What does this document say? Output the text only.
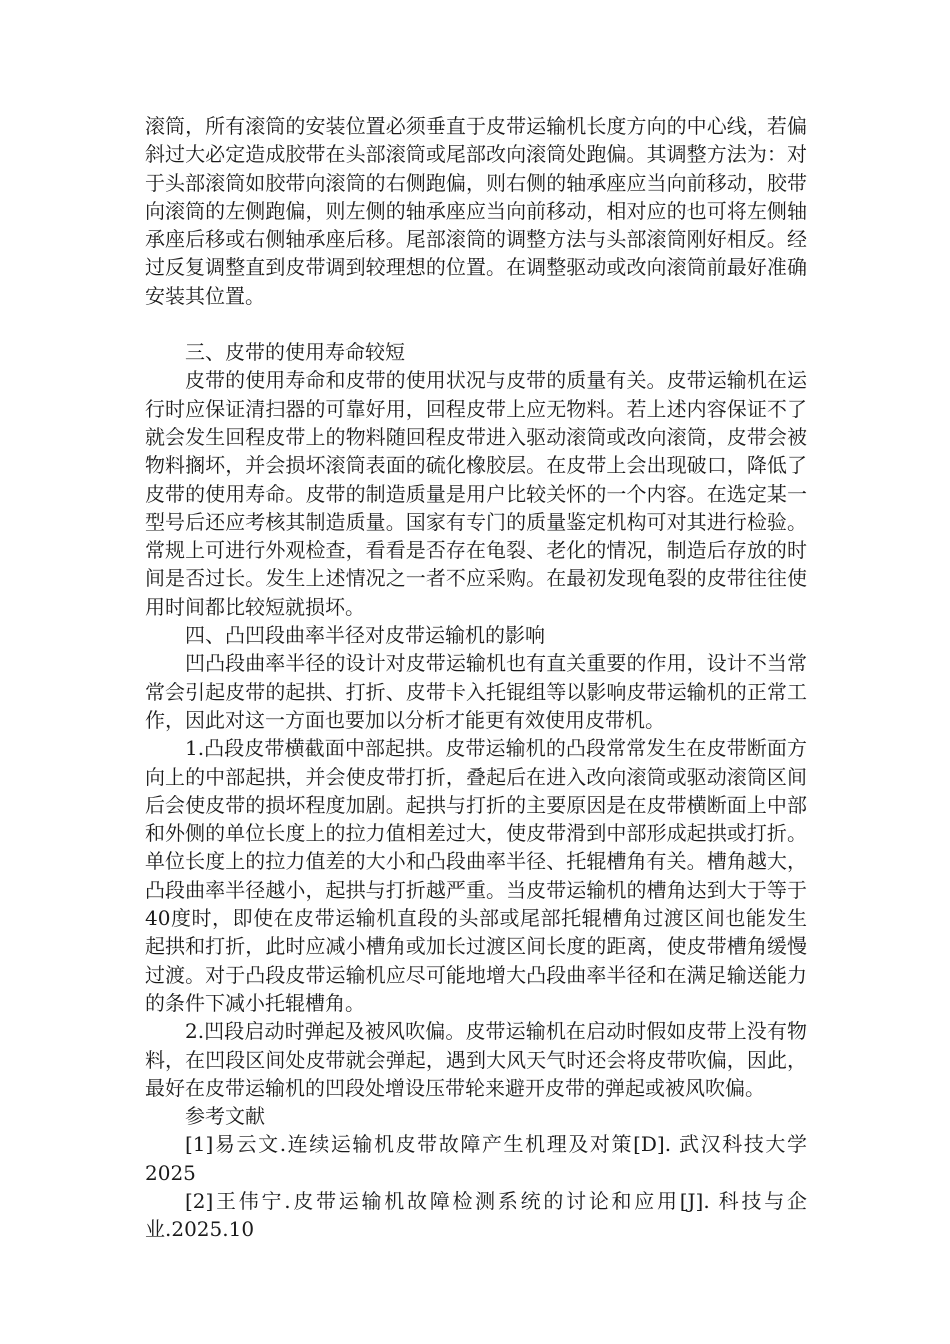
滚筒，所有滚筒的安装位置必须垂直于皮带运输机长度方向的中心线，若偏斜过大必定造成胶带在头部滚筒或尾部改向滚筒处跑偏。其调整方法为：对于头部滚筒如胶带向滚筒的右侧跑偏，则右侧的轴承座应当向前移动，胶带向滚筒的左侧跑偏，则左侧的轴承座应当向前移动，相对应的也可将左侧轴承座后移或右侧轴承座后移。尾部滚筒的调整方法与头部滚筒刚好相反。经过反复调整直到皮带调到较理想的位置。在调整驱动或改向滚筒前最好准确安装其位置。

三、皮带的使用寿命较短

皮带的使用寿命和皮带的使用状况与皮带的质量有关。皮带运输机在运行时应保证清扫器的可靠好用，回程皮带上应无物料。若上述内容保证不了就会发生回程皮带上的物料随回程皮带进入驱动滚筒或改向滚筒，皮带会被物料搁坏，并会损坏滚筒表面的硫化橡胶层。在皮带上会出现破口，降低了皮带的使用寿命。皮带的制造质量是用户比较关怀的一个内容。在选定某一型号后还应考核其制造质量。国家有专门的质量鉴定机构可对其进行检验。常规上可进行外观检查，看看是否存在龟裂、老化的情况，制造后存放的时间是否过长。发生上述情况之一者不应采购。在最初发现龟裂的皮带往往使用时间都比较短就损坏。

四、凸凹段曲率半径对皮带运输机的影响

凹凸段曲率半径的设计对皮带运输机也有直关重要的作用，设计不当常常会引起皮带的起拱、打折、皮带卡入托锟组等以影响皮带运输机的正常工作，因此对这一方面也要加以分析才能更有效使用皮带机。

1.凸段皮带横截面中部起拱。皮带运输机的凸段常常发生在皮带断面方向上的中部起拱，并会使皮带打折，叠起后在进入改向滚筒或驱动滚筒区间后会使皮带的损坏程度加剧。起拱与打折的主要原因是在皮带横断面上中部和外侧的单位长度上的拉力值相差过大，使皮带滑到中部形成起拱或打折。单位长度上的拉力值差的大小和凸段曲率半径、托辊槽角有关。槽角越大，凸段曲率半径越小，起拱与打折越严重。当皮带运输机的槽角达到大于等于40度时，即使在皮带运输机直段的头部或尾部托辊槽角过渡区间也能发生起拱和打折，此时应减小槽角或加长过渡区间长度的距离，使皮带槽角缓慢过渡。对于凸段皮带运输机应尽可能地增大凸段曲率半径和在满足输送能力的条件下减小托辊槽角。

2.凹段启动时弹起及被风吹偏。皮带运输机在启动时假如皮带上没有物料，在凹段区间处皮带就会弹起，遇到大风天气时还会将皮带吹偏，因此，最好在皮带运输机的凹段处增设压带轮来避开皮带的弹起或被风吹偏。

参考文献

[1]易云文.连续运输机皮带故障产生机理及对策[D]. 武汉科技大学 2025

[2]王伟宁.皮带运输机故障检测系统的讨论和应用[J]. 科技与企业.2025.10
